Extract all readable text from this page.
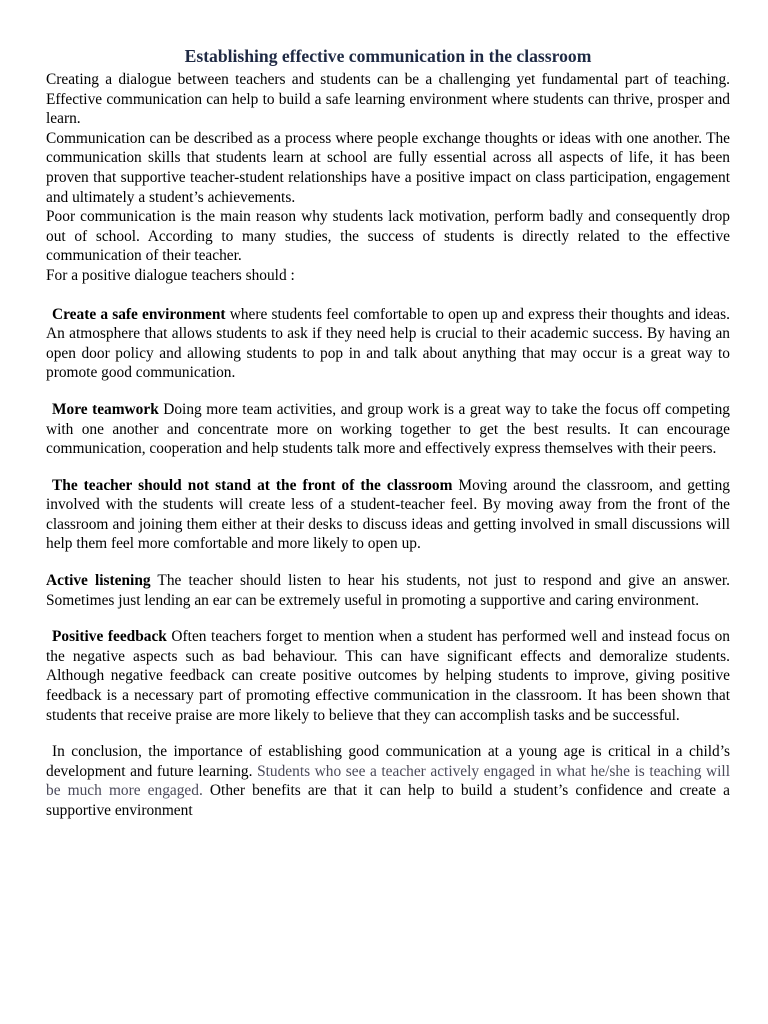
Establishing effective communication in the classroom

Creating a dialogue between teachers and students can be a challenging yet fundamental part of teaching. Effective communication can help to build a safe learning environment where students can thrive, prosper and learn.

Communication can be described as a process where people exchange thoughts or ideas with one another. The communication skills that students learn at school are fully essential across all aspects of life, it has been proven that supportive teacher-student relationships have a positive impact on class participation, engagement and ultimately a student’s achievements.

Poor communication is the main reason why students lack motivation, perform badly and consequently drop out of school. According to many studies, the success of students is directly related to the effective communication of their teacher.

For a positive dialogue teachers should :

Create a safe environment where students feel comfortable to open up and express their thoughts and ideas. An atmosphere that allows students to ask if they need help is crucial to their academic success. By having an open door policy and allowing students to pop in and talk about anything that may occur is a great way to promote good communication.

More teamwork Doing more team activities, and group work is a great way to take the focus off competing with one another and concentrate more on working together to get the best results. It can encourage communication, cooperation and help students talk more and effectively express themselves with their peers.

The teacher should not stand at the front of the classroom Moving around the classroom, and getting involved with the students will create less of a student-teacher feel. By moving away from the front of the classroom and joining them either at their desks to discuss ideas and getting involved in small discussions will help them feel more comfortable and more likely to open up.

Active listening The teacher should listen to hear his students, not just to respond and give an answer. Sometimes just lending an ear can be extremely useful in promoting a supportive and caring environment.

Positive feedback Often teachers forget to mention when a student has performed well and instead focus on the negative aspects such as bad behaviour. This can have significant effects and demoralize students. Although negative feedback can create positive outcomes by helping students to improve, giving positive feedback is a necessary part of promoting effective communication in the classroom. It has been shown that students that receive praise are more likely to believe that they can accomplish tasks and be successful.

In conclusion, the importance of establishing good communication at a young age is critical in a child’s development and future learning. Students who see a teacher actively engaged in what he/she is teaching will be much more engaged. Other benefits are that it can help to build a student’s confidence and create a supportive environment
